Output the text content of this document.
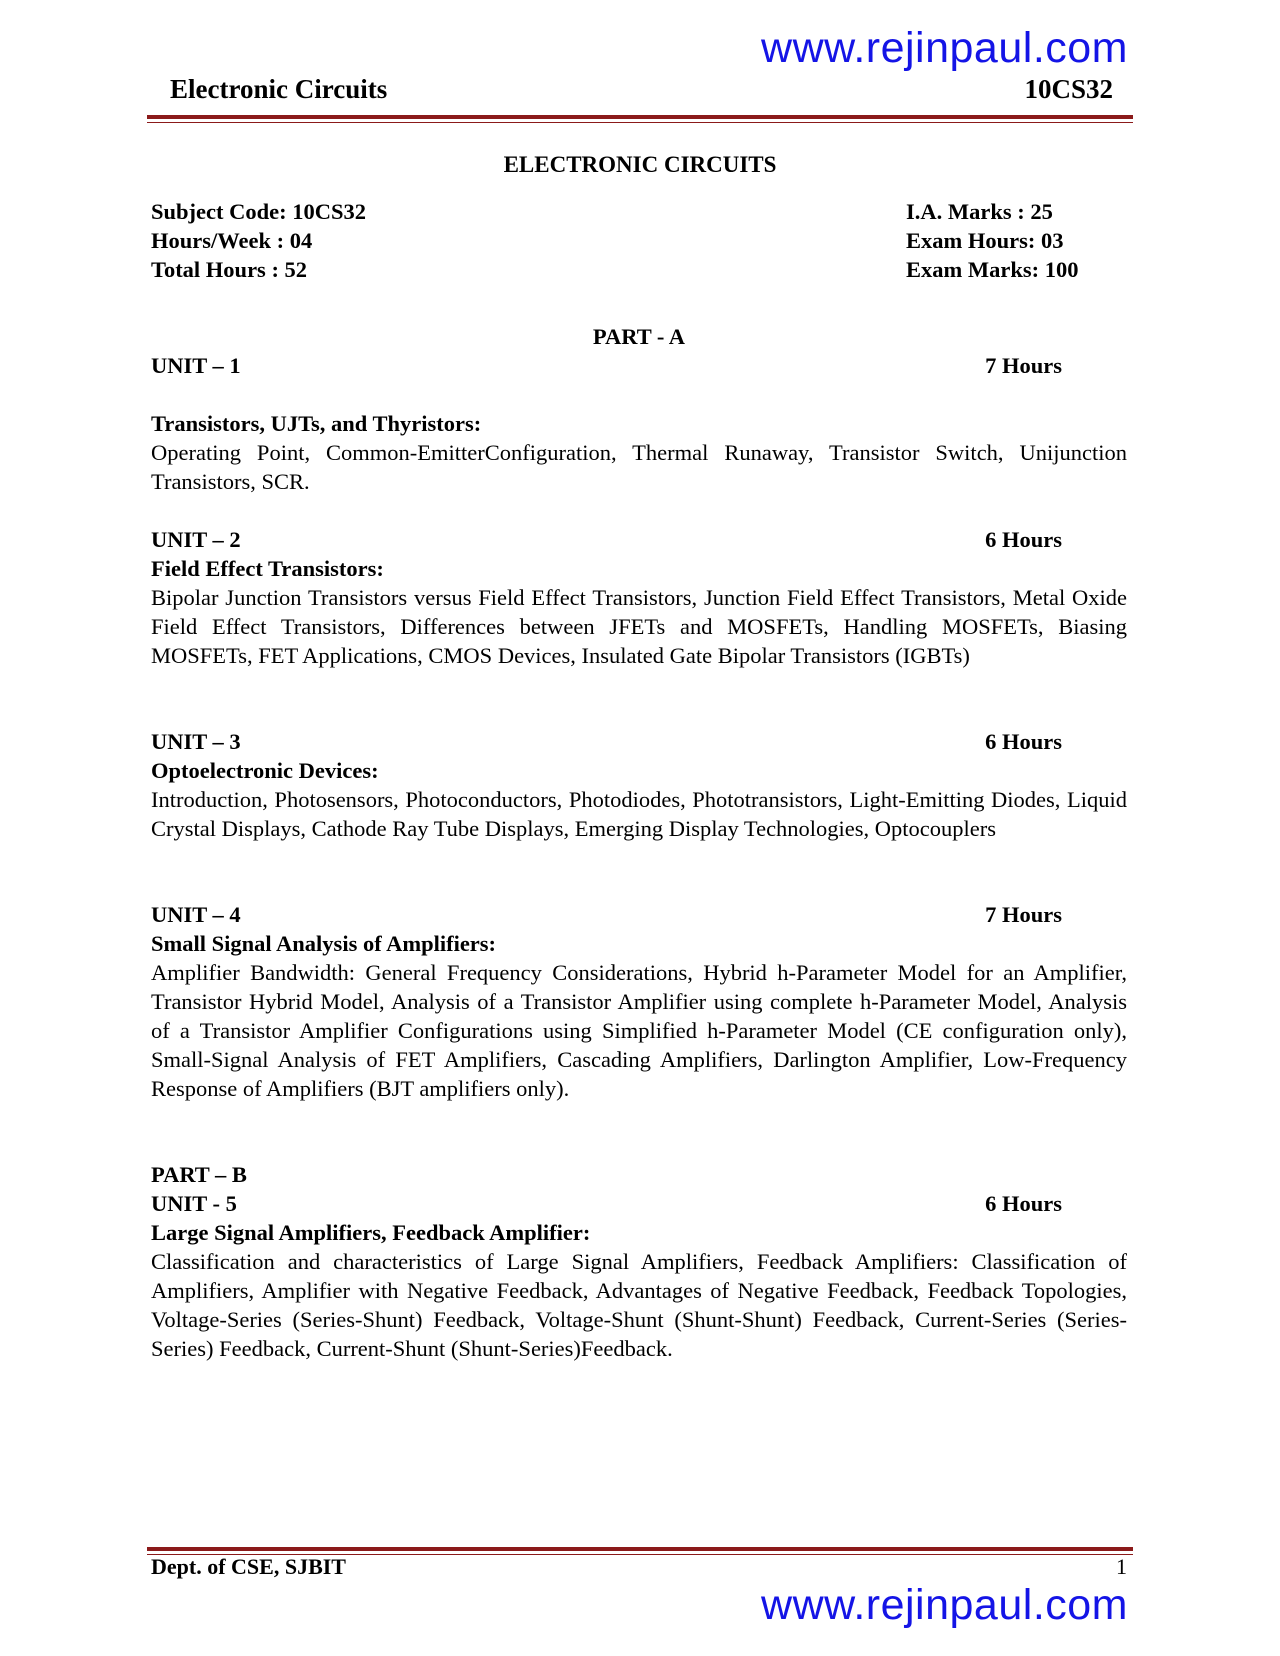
www.rejinpaul.com
Electronic Circuits	10CS32
ELECTRONIC CIRCUITS
Subject Code: 10CS32	I.A. Marks : 25
Hours/Week : 04	Exam Hours: 03
Total Hours : 52	Exam Marks: 100
PART - A
UNIT – 1	7 Hours
Transistors, UJTs, and Thyristors:

Operating Point, Common-EmitterConfiguration, Thermal Runaway, Transistor Switch, Unijunction Transistors, SCR.

UNIT – 2	6 Hours
Field Effect Transistors:

Bipolar Junction Transistors versus Field Effect Transistors, Junction Field Effect Transistors, Metal Oxide Field Effect Transistors, Differences between JFETs and MOSFETs, Handling MOSFETs, Biasing MOSFETs, FET Applications, CMOS Devices, Insulated Gate Bipolar Transistors (IGBTs)

UNIT – 3	6 Hours
Optoelectronic Devices:

Introduction, Photosensors, Photoconductors, Photodiodes, Phototransistors, Light-Emitting Diodes, Liquid Crystal Displays, Cathode Ray Tube Displays, Emerging Display Technologies, Optocouplers

UNIT – 4	7 Hours
Small Signal Analysis of Amplifiers:

Amplifier Bandwidth: General Frequency Considerations, Hybrid h-Parameter Model for an Amplifier, Transistor Hybrid Model, Analysis of a Transistor Amplifier using complete h-Parameter Model, Analysis of a Transistor Amplifier Configurations using Simplified h-Parameter Model (CE configuration only), Small-Signal Analysis of FET Amplifiers, Cascading Amplifiers, Darlington Amplifier, Low-Frequency Response of Amplifiers (BJT amplifiers only).

PART – B
UNIT - 5	6 Hours
Large Signal Amplifiers, Feedback Amplifier:

Classification and characteristics of Large Signal Amplifiers, Feedback Amplifiers: Classification of Amplifiers, Amplifier with Negative Feedback, Advantages of Negative Feedback, Feedback Topologies, Voltage-Series (Series-Shunt) Feedback, Voltage-Shunt (Shunt-Shunt) Feedback, Current-Series (Series- Series) Feedback, Current-Shunt (Shunt-Series)Feedback.

Dept. of CSE, SJBIT	1
www.rejinpaul.com
